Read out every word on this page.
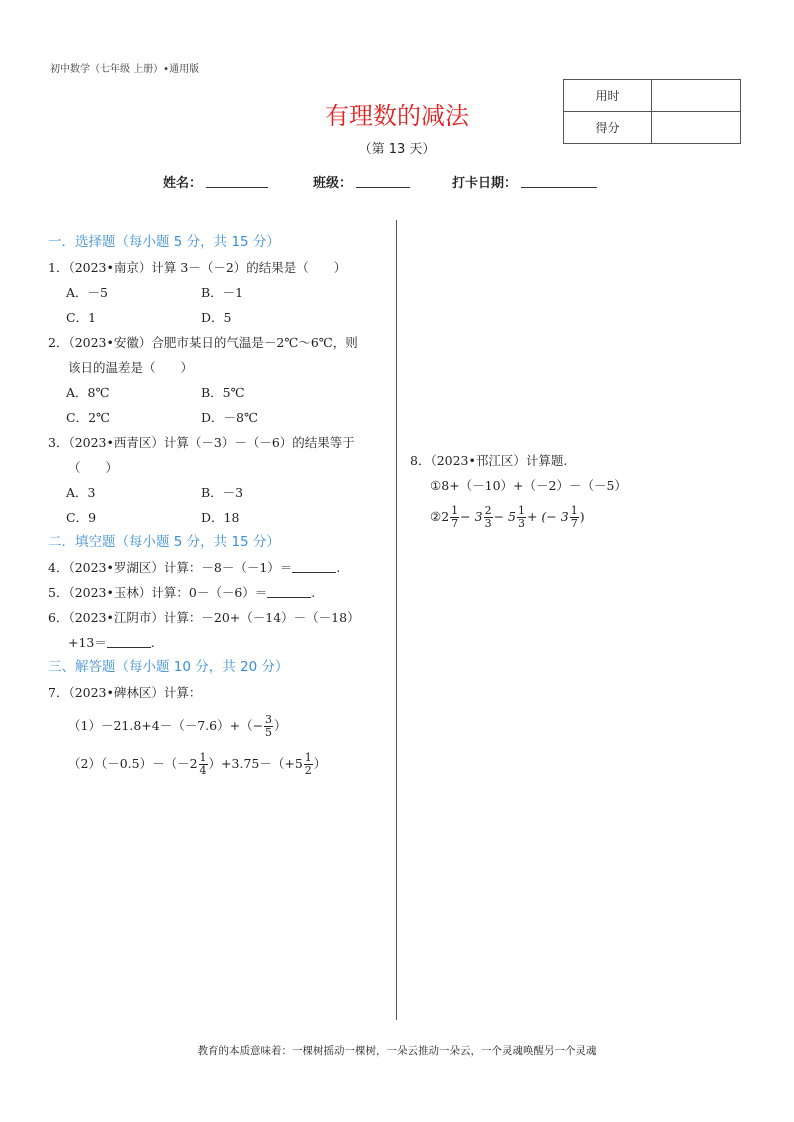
初中数学（七年级 上册）•通用版
有理数的减法
（第 13 天）
用时	
得分	
姓名：	班级：	打卡日期：
一．选择题（每小题 5 分，共 15 分）
1．（2023•南京）计算 3－（－2）的结果是（　　）
A．－5	B．－1
C．1	D．5
2．（2023•安徽）合肥市某日的气温是－2℃～6℃，则
该日的温差是（　　）
A．8℃	B．5℃
C．2℃	D．－8℃
3．（2023•西青区）计算（－3）－（－6）的结果等于
（　　）
A．3	B．－3
C．9	D．18
二．填空题（每小题 5 分，共 15 分）
4．（2023•罗湖区）计算：－8－（－1）＝	.
5．（2023•玉林）计算：0－（－6）＝	.
6．（2023•江阴市）计算：－20+（－14）－（－18）
+13＝	.
三、解答题（每小题 10 分，共 20 分）
7．（2023•碑林区）计算：
$(1)-21.8+4-(-7.6)+(- \frac{3}{5}$ ）
$(2)(-0.5)-(-2 \frac{1}{4} )+3.75-(+5 \frac{1}{2}$ ）
8．（2023•邗江区）计算题.
①8+（－10）+（－2）－（－5）
②2 $\frac{1}{7} - 3 \frac{2}{3} - 5 \frac{1}{3}$ + (− $3 \frac{1}{7}$ )
教育的本质意味着：一棵树摇动一棵树，一朵云推动一朵云，一个灵魂唤醒另一个灵魂
